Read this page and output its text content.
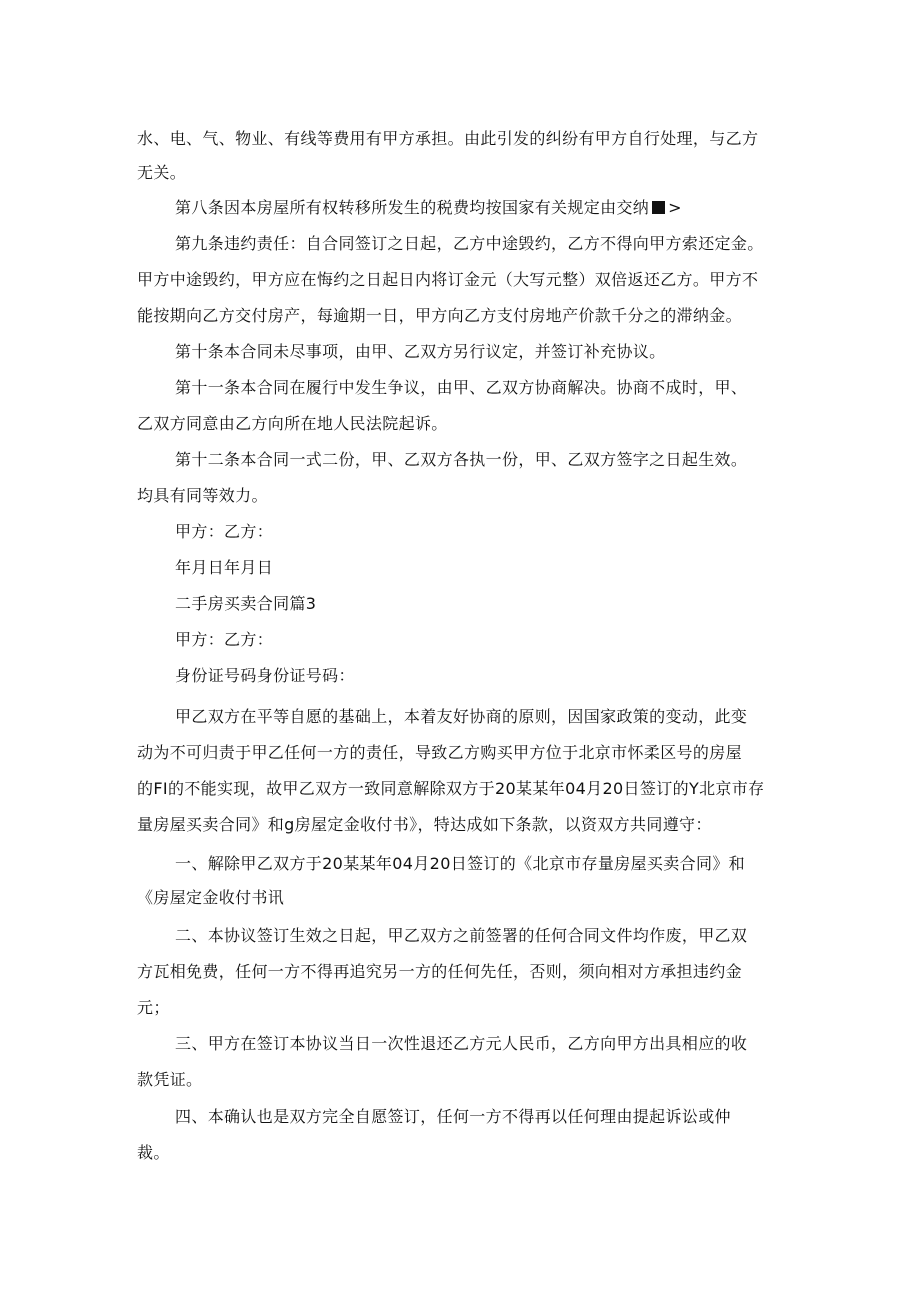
水、电、气、物业、有线等费用有甲方承担。由此引发的纠纷有甲方自行处理，与乙方
无关。
第八条因本房屋所有权转移所发生的税费均按国家有关规定由交纳 >
第九条违约责任：自合同签订之日起，乙方中途毁约，乙方不得向甲方索还定金。
甲方中途毁约，甲方应在悔约之日起日内将订金元（大写元整）双倍返还乙方。甲方不
能按期向乙方交付房产，每逾期一日，甲方向乙方支付房地产价款千分之的滞纳金。
第十条本合同未尽事项，由甲、乙双方另行议定，并签订补充协议。
第十一条本合同在履行中发生争议，由甲、乙双方协商解决。协商不成时，甲、
乙双方同意由乙方向所在地人民法院起诉。
第十二条本合同一式二份，甲、乙双方各执一份，甲、乙双方签字之日起生效。
均具有同等效力。
甲方：乙方：
年月日年月日
二手房买卖合同篇3
甲方：乙方：
身份证号码身份证号码：
甲乙双方在平等自愿的基础上，本着友好协商的原则，因国家政策的变动，此变
动为不可归责于甲乙任何一方的责任，导致乙方购买甲方位于北京市怀柔区号的房屋
的FI的不能实现，故甲乙双方一致同意解除双方于20某某年04月20日签订的Y北京市存
量房屋买卖合同》和g房屋定金收付书》，特达成如下条款，以资双方共同遵守：
一、解除甲乙双方于20某某年04月20日签订的《北京市存量房屋买卖合同》和
《房屋定金收付书讯
二、本协议签订生效之日起，甲乙双方之前签署的任何合同文件均作废，甲乙双
方瓦相免费，任何一方不得再追究另一方的任何先任，否则，须向相对方承担违约金
元；
三、甲方在签订本协议当日一次性退还乙方元人民币，乙方向甲方出具相应的收
款凭证。
四、本确认也是双方完全自愿签订，任何一方不得再以任何理由提起诉讼或仲
裁。
